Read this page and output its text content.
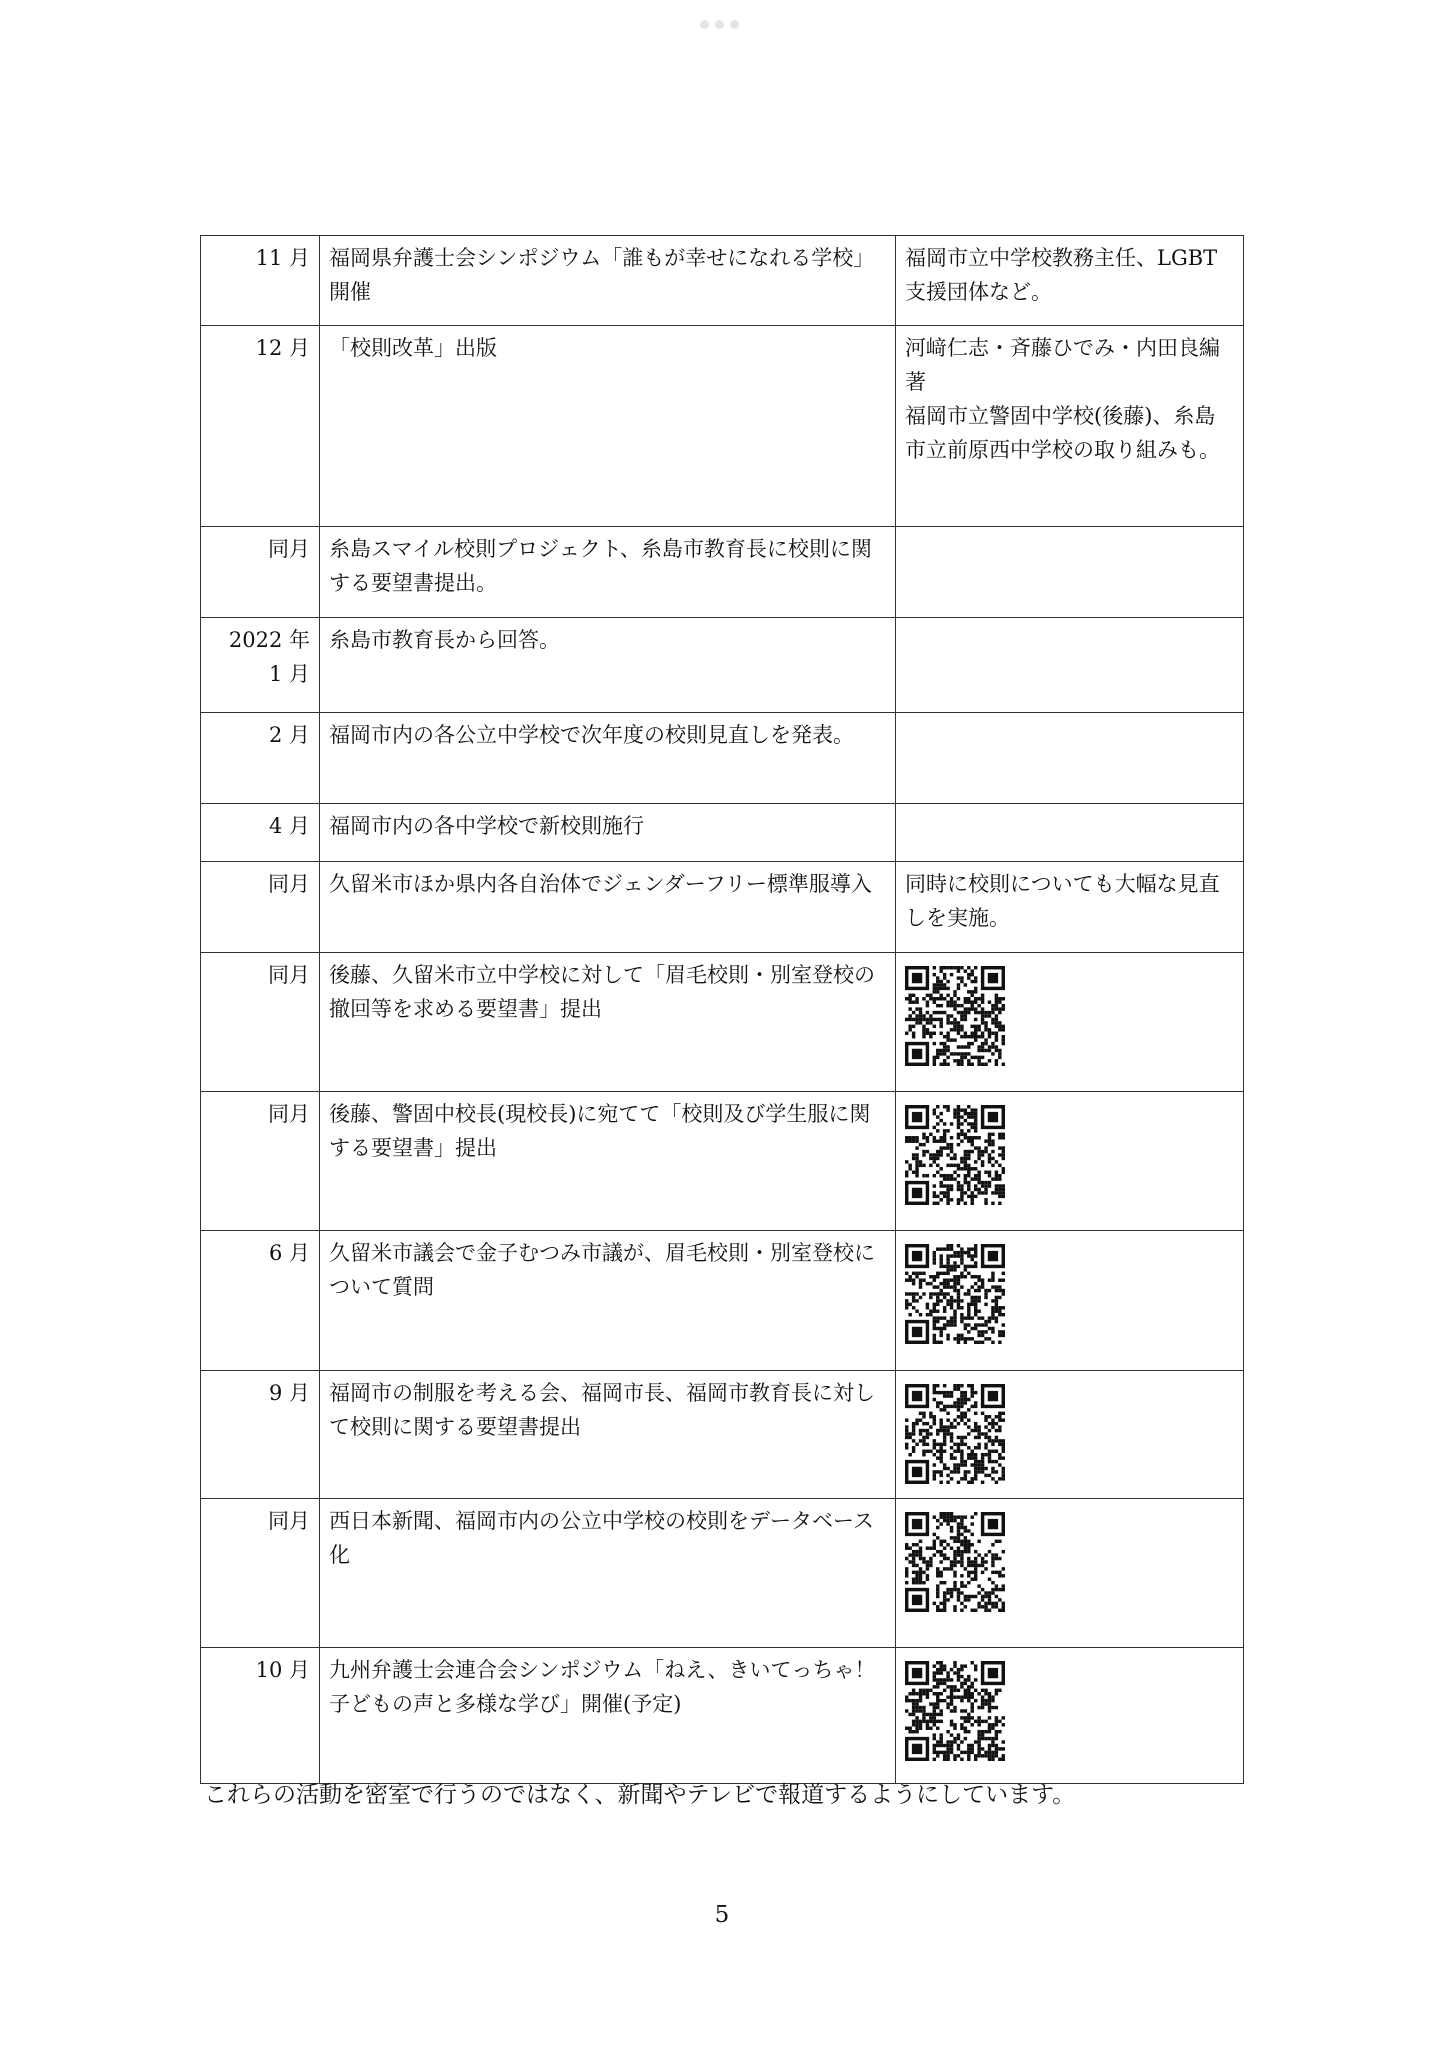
11 月	福岡県弁護士会シンポジウム「誰もが幸せになれる学校」開催	福岡市立中学校教務主任、LGBT 支援団体など。
12 月	「校則改革」出版	河﨑仁志・斉藤ひでみ・内田良編著
福岡市立警固中学校(後藤)、糸島市立前原西中学校の取り組みも。
同月	糸島スマイル校則プロジェクト、糸島市教育長に校則に関する要望書提出。	
2022 年 1 月	糸島市教育長から回答。	
2 月	福岡市内の各公立中学校で次年度の校則見直しを発表。	
4 月	福岡市内の各中学校で新校則施行	
同月	久留米市ほか県内各自治体でジェンダーフリー標準服導入	同時に校則についても大幅な見直しを実施。
同月	後藤、久留米市立中学校に対して「眉毛校則・別室登校の撤回等を求める要望書」提出	

同月	後藤、警固中校長(現校長)に宛てて「校則及び学生服に関する要望書」提出	

6 月	久留米市議会で金子むつみ市議が、眉毛校則・別室登校について質問	

9 月	福岡市の制服を考える会、福岡市長、福岡市教育長に対して校則に関する要望書提出	

同月	西日本新聞、福岡市内の公立中学校の校則をデータベース化	

10 月	九州弁護士会連合会シンポジウム「ねえ、きいてっちゃ！子どもの声と多様な学び」開催(予定)	
これらの活動を密室で行うのではなく、新聞やテレビで報道するようにしています。
5
